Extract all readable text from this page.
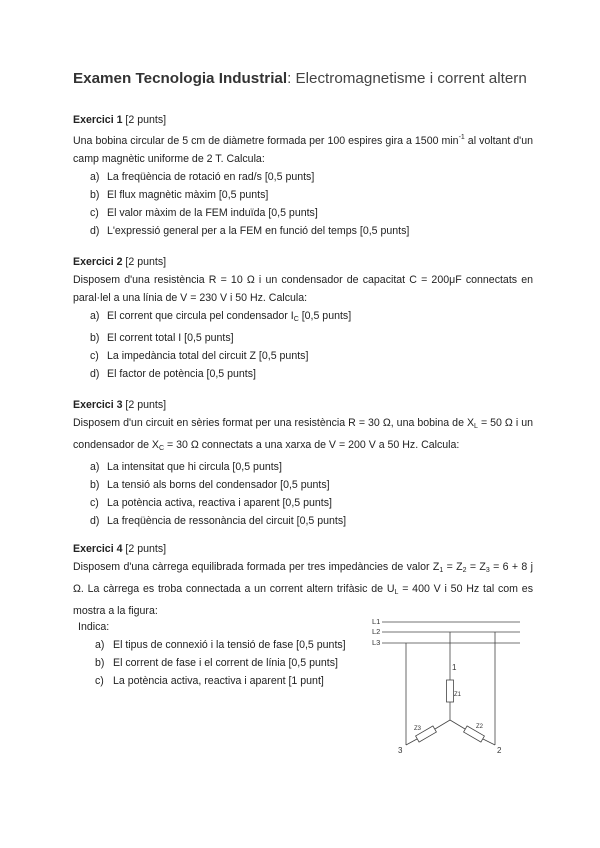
Examen Tecnologia Industrial: Electromagnetisme i corrent altern
Exercici 1 [2 punts]
Una bobina circular de 5 cm de diàmetre formada per 100 espires gira a 1500 $\min^{-1}$ al voltant d'un camp magnètic uniforme de 2 T. Calcula:
a) La freqüència de rotació en rad/s [0,5 punts]
b) El flux magnètic màxim [0,5 punts]
c) El valor màxim de la FEM induïda [0,5 punts]
d) L'expressió general per a la FEM en funció del temps [0,5 punts]
Exercici 2 [2 punts]
Disposem d'una resistència R = 10 Ω i un condensador de capacitat C = 200μF connectats en paral·lel a una línia de V = 230 V i 50 Hz. Calcula:
a) El corrent que circula pel condensador $I_C$ [0,5 punts]
b) El corrent total I [0,5 punts]
c) La impedància total del circuit Z [0,5 punts]
d) El factor de potència [0,5 punts]
Exercici 3 [2 punts]
Disposem d'un circuit en sèries format per una resistència R = 30 Ω, una bobina de $X_L = 50$ Ω i un condensador de $X_C = 30$ Ω connectats a una xarxa de V = 200 V a 50 Hz. Calcula:
a) La intensitat que hi circula [0,5 punts]
b) La tensió als borns del condensador [0,5 punts]
c) La potència activa, reactiva i aparent [0,5 punts]
d) La freqüència de ressonància del circuit [0,5 punts]
Exercici 4 [2 punts]
Disposem d'una càrrega equilibrada formada per tres impedàncies de valor $Z_1 = Z_2 = Z_3 = 6 + 8$ j Ω. La càrrega es troba connectada a un corrent altern trifàsic de $U_L = 400$ V i 50 Hz tal com es mostra a la figura:
Indica:
a) El tipus de connexió i la tensió de fase [0,5 punts]
b) El corrent de fase i el corrent de línia [0,5 punts]
c) La potència activa, reactiva i aparent [1 punt]
L1
L2
L3
1
2
3
Z1
Z2
Z3
